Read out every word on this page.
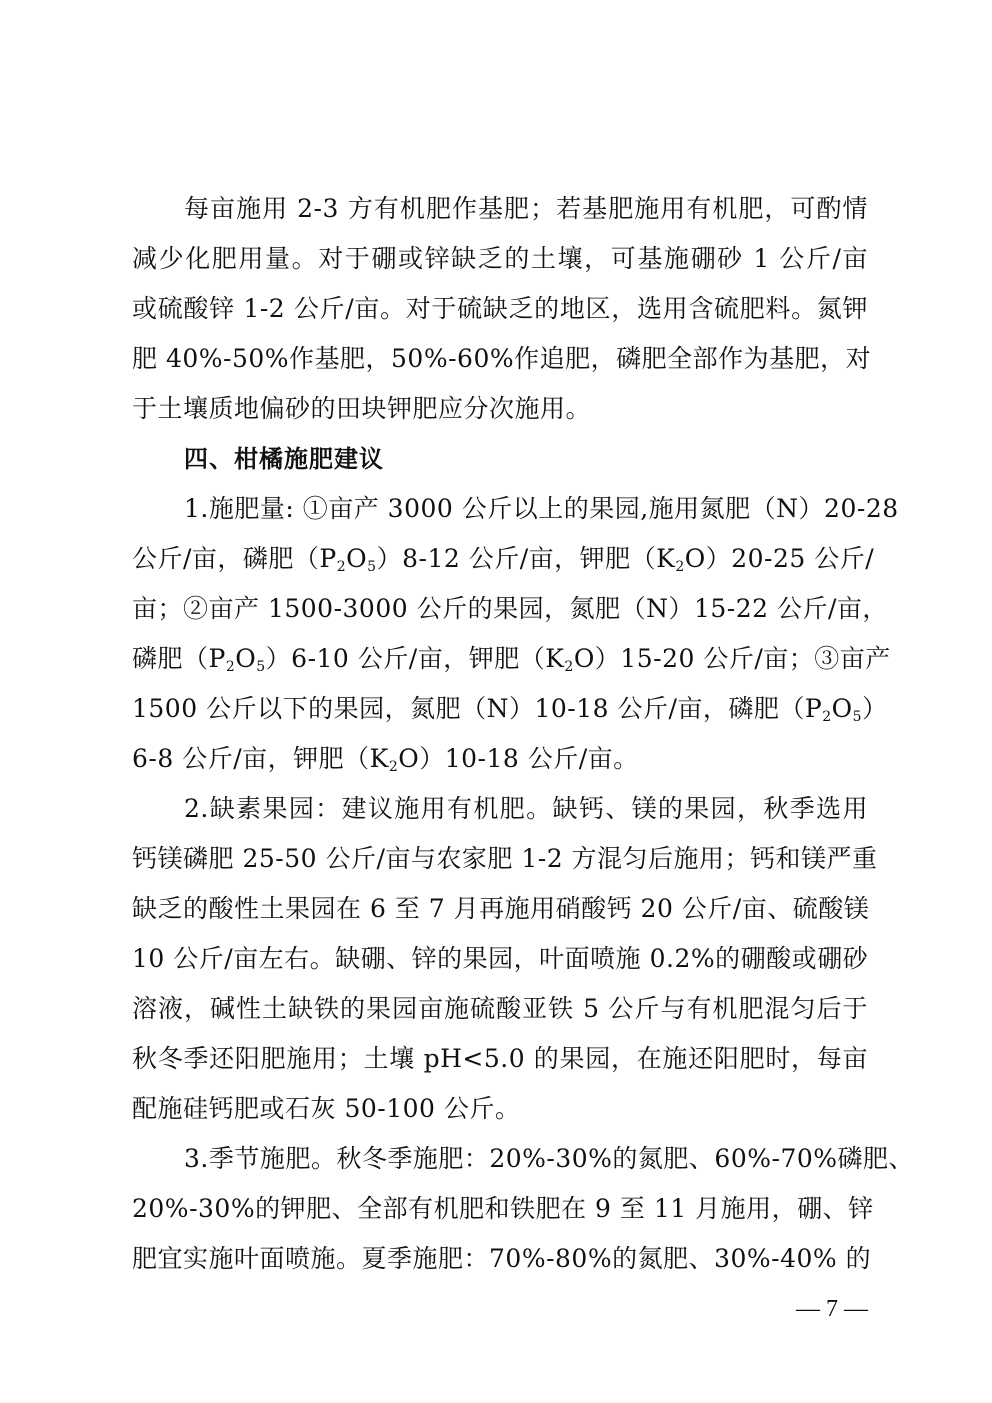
每亩施用 2-3 方有机肥作基肥；若基肥施用有机肥，可酌情
减少化肥用量。对于硼或锌缺乏的土壤，可基施硼砂 1 公斤/亩
或硫酸锌 1-2 公斤/亩。对于硫缺乏的地区，选用含硫肥料。氮钾
肥 40%-50%作基肥，50%-60%作追肥，磷肥全部作为基肥，对
于土壤质地偏砂的田块钾肥应分次施用。
四、柑橘施肥建议
1.施肥量: ①亩产 3000 公斤以上的果园,施用氮肥（N）20-28
公斤/亩，磷肥$(P_2O_5)8-12$ 公斤/亩，钾肥$(K_2O)20-25$ 公斤/
亩；②亩产 1500-3000 公斤的果园，氮肥（N）15-22 公斤/亩，
磷肥$(P_2O_5)6-10$ 公斤/亩，钾肥$(K_2O)15-20$ 公斤/亩；③亩产
1500 公斤以下的果园，氮肥（N）10-18 公斤/亩，磷肥$(P_2O_5)$
6-8 公斤/亩，钾肥$(K_2O)10-18$ 公斤/亩。
2.缺素果园：建议施用有机肥。缺钙、镁的果园，秋季选用
钙镁磷肥 25-50 公斤/亩与农家肥 1-2 方混匀后施用；钙和镁严重
缺乏的酸性土果园在 6 至 7 月再施用硝酸钙 20 公斤/亩、硫酸镁
10 公斤/亩左右。缺硼、锌的果园，叶面喷施 0.2%的硼酸或硼砂
溶液，碱性土缺铁的果园亩施硫酸亚铁 5 公斤与有机肥混匀后于
秋冬季还阳肥施用；土壤 pH<5.0 的果园，在施还阳肥时，每亩
配施硅钙肥或石灰 50-100 公斤。
3.季节施肥。秋冬季施肥：20%-30%的氮肥、60%-70%磷肥、
20%-30%的钾肥、全部有机肥和铁肥在 9 至 11 月施用，硼、锌
肥宜实施叶面喷施。夏季施肥：70%-80%的氮肥、30%-40% 的
— 7 —
